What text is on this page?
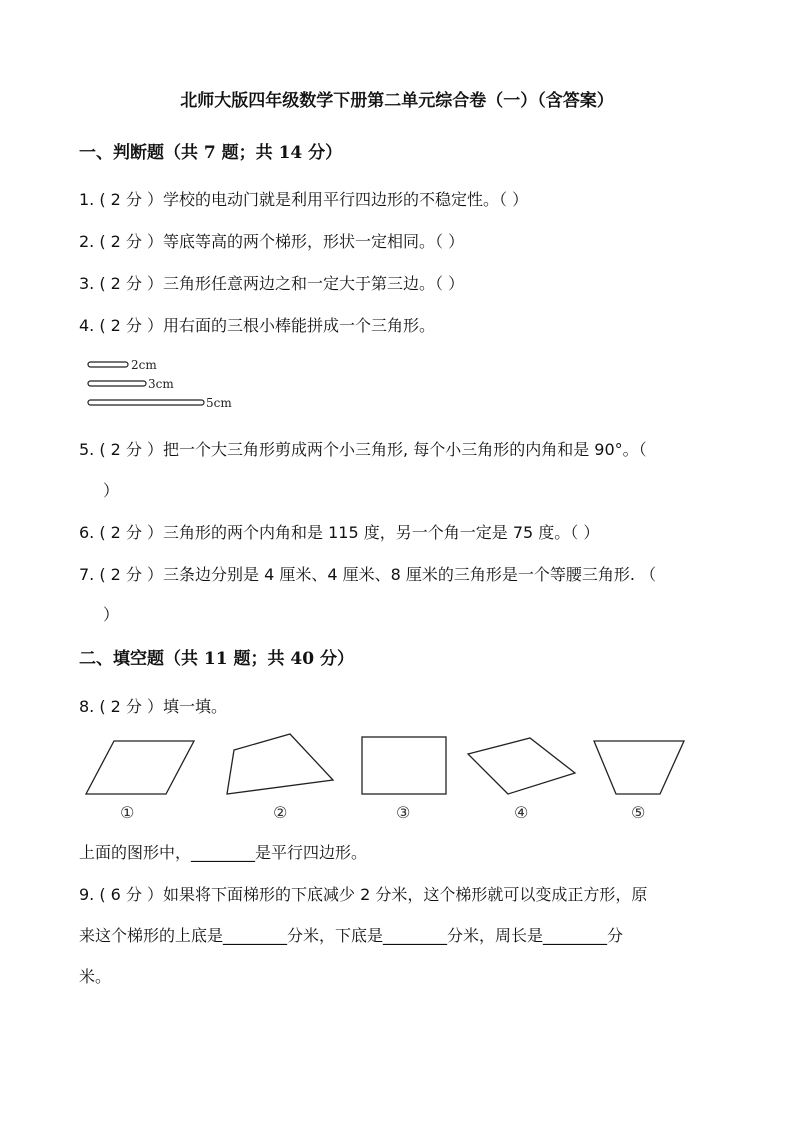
北师大版四年级数学下册第二单元综合卷（一）（含答案）
一、判断题（共 7 题；共 14 分）
1. ( 2 分 ）学校的电动门就是利用平行四边形的不稳定性。（ ）
2. ( 2 分 ）等底等高的两个梯形，形状一定相同。（ ）
3. ( 2 分 ）三角形任意两边之和一定大于第三边。（ ）
4. ( 2 分 ）用右面的三根小棒能拼成一个三角形。
2cm
3cm
5cm
5. ( 2 分 ）把一个大三角形剪成两个小三角形, 每个小三角形的内角和是 90°。（
）
6. ( 2 分 ）三角形的两个内角和是 115 度，另一个角一定是 75 度。（ ）
7. ( 2 分 ）三条边分别是 4 厘米、4 厘米、8 厘米的三角形是一个等腰三角形. （
）
二、填空题（共 11 题；共 40 分）
8. ( 2 分 ）填一填。
①	②	③	④	⑤
上面的图形中，________是平行四边形。
9. ( 6 分 ）如果将下面梯形的下底减少 2 分米，这个梯形就可以变成正方形，原
来这个梯形的上底是________分米，下底是________分米，周长是________分
米。
